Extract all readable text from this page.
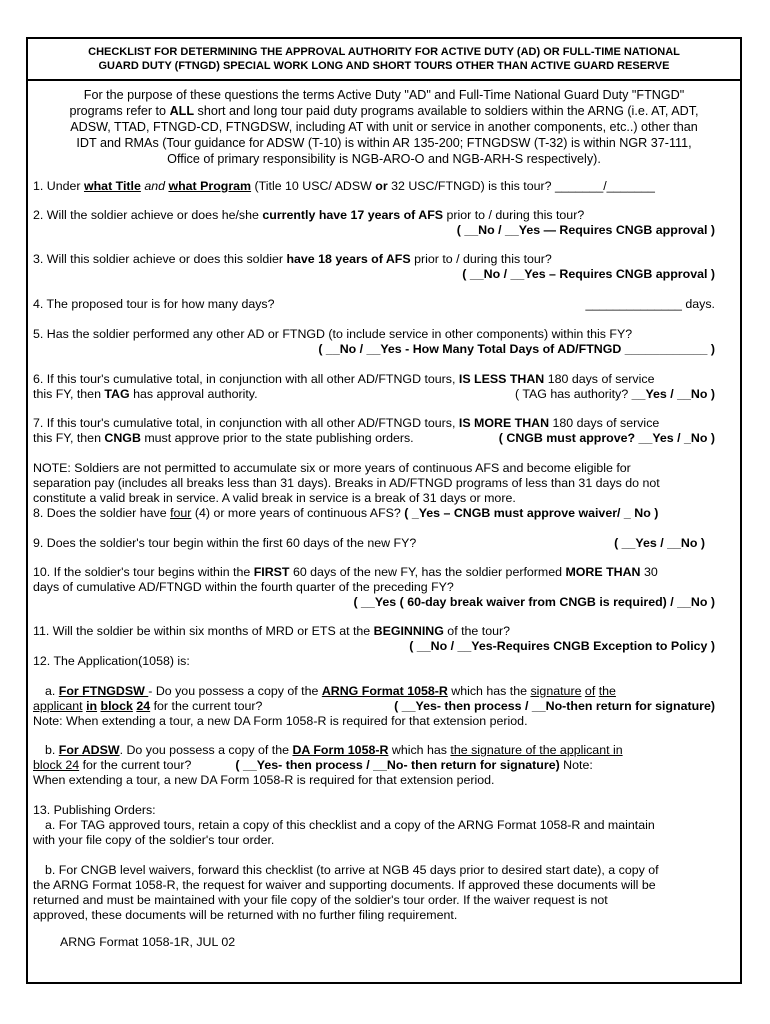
CHECKLIST FOR DETERMINING THE APPROVAL AUTHORITY FOR ACTIVE DUTY (AD) OR FULL-TIME NATIONAL
GUARD DUTY (FTNGD) SPECIAL WORK LONG AND SHORT TOURS OTHER THAN ACTIVE GUARD RESERVE
For the purpose of these questions the terms Active Duty "AD" and Full-Time National Guard Duty "FTNGD"
programs refer to ALL short and long tour paid duty programs available to soldiers within the ARNG (i.e. AT, ADT,
ADSW, TTAD, FTNGD-CD, FTNGDSW, including AT with unit or service in another components, etc..) other than
IDT and RMAs (Tour guidance for ADSW (T-10) is within AR 135-200; FTNGDSW (T-32) is within NGR 37-111,
Office of primary responsibility is NGB-ARO-O and NGB-ARH-S respectively).
1. Under what Title and what Program (Title 10 USC/ ADSW or 32 USC/FTNGD) is this tour? _______/_______
2. Will the soldier achieve or does he/she currently have 17 years of AFS prior to / during this tour?
( __No / __Yes — Requires CNGB approval )
3. Will this soldier achieve or does this soldier have 18 years of AFS prior to / during this tour?
( __No / __Yes – Requires CNGB approval )
4. The proposed tour is for how many days?	______________ days.
5. Has the soldier performed any other AD or FTNGD (to include service in other components) within this FY?
( __No / __Yes - How Many Total Days of AD/FTNGD ____________ )
6. If this tour's cumulative total, in conjunction with all other AD/FTNGD tours, IS LESS THAN 180 days of service
this FY, then TAG has approval authority.	( TAG has authority? __Yes / __No )
7. If this tour's cumulative total, in conjunction with all other AD/FTNGD tours, IS MORE THAN 180 days of service
this FY, then CNGB must approve prior to the state publishing orders.	( CNGB must approve? __Yes / _No )
NOTE: Soldiers are not permitted to accumulate six or more years of continuous AFS and become eligible for
separation pay (includes all breaks less than 31 days). Breaks in AD/FTNGD programs of less than 31 days do not
constitute a valid break in service. A valid break in service is a break of 31 days or more.
8. Does the soldier have four (4) or more years of continuous AFS? ( _Yes – CNGB must approve waiver/ _ No )
9. Does the soldier's tour begin within the first 60 days of the new FY?	( __Yes / __No )
10. If the soldier's tour begins within the FIRST 60 days of the new FY, has the soldier performed MORE THAN 30
days of cumulative AD/FTNGD within the fourth quarter of the preceding FY?
( __Yes ( 60-day break waiver from CNGB is required) / __No )
11. Will the soldier be within six months of MRD or ETS at the BEGINNING of the tour?
( __No / __Yes-Requires CNGB Exception to Policy )
12. The Application(1058) is:
a. For FTNGDSW - Do you possess a copy of the ARNG Format 1058-R which has the signature of the
applicant in block 24 for the current tour?	( __Yes- then process / __No-then return for signature)
Note: When extending a tour, a new DA Form 1058-R is required for that extension period.
b. For ADSW. Do you possess a copy of the DA Form 1058-R which has the signature of the applicant in
block 24 for the current tour?	( __Yes- then process / __No- then return for signature) Note:
When extending a tour, a new DA Form 1058-R is required for that extension period.
13. Publishing Orders:
a. For TAG approved tours, retain a copy of this checklist and a copy of the ARNG Format 1058-R and maintain
with your file copy of the soldier's tour order.
b. For CNGB level waivers, forward this checklist (to arrive at NGB 45 days prior to desired start date), a copy of
the ARNG Format 1058-R, the request for waiver and supporting documents. If approved these documents will be
returned and must be maintained with your file copy of the soldier's tour order. If the waiver request is not
approved, these documents will be returned with no further filing requirement.
ARNG Format 1058-1R, JUL 02
